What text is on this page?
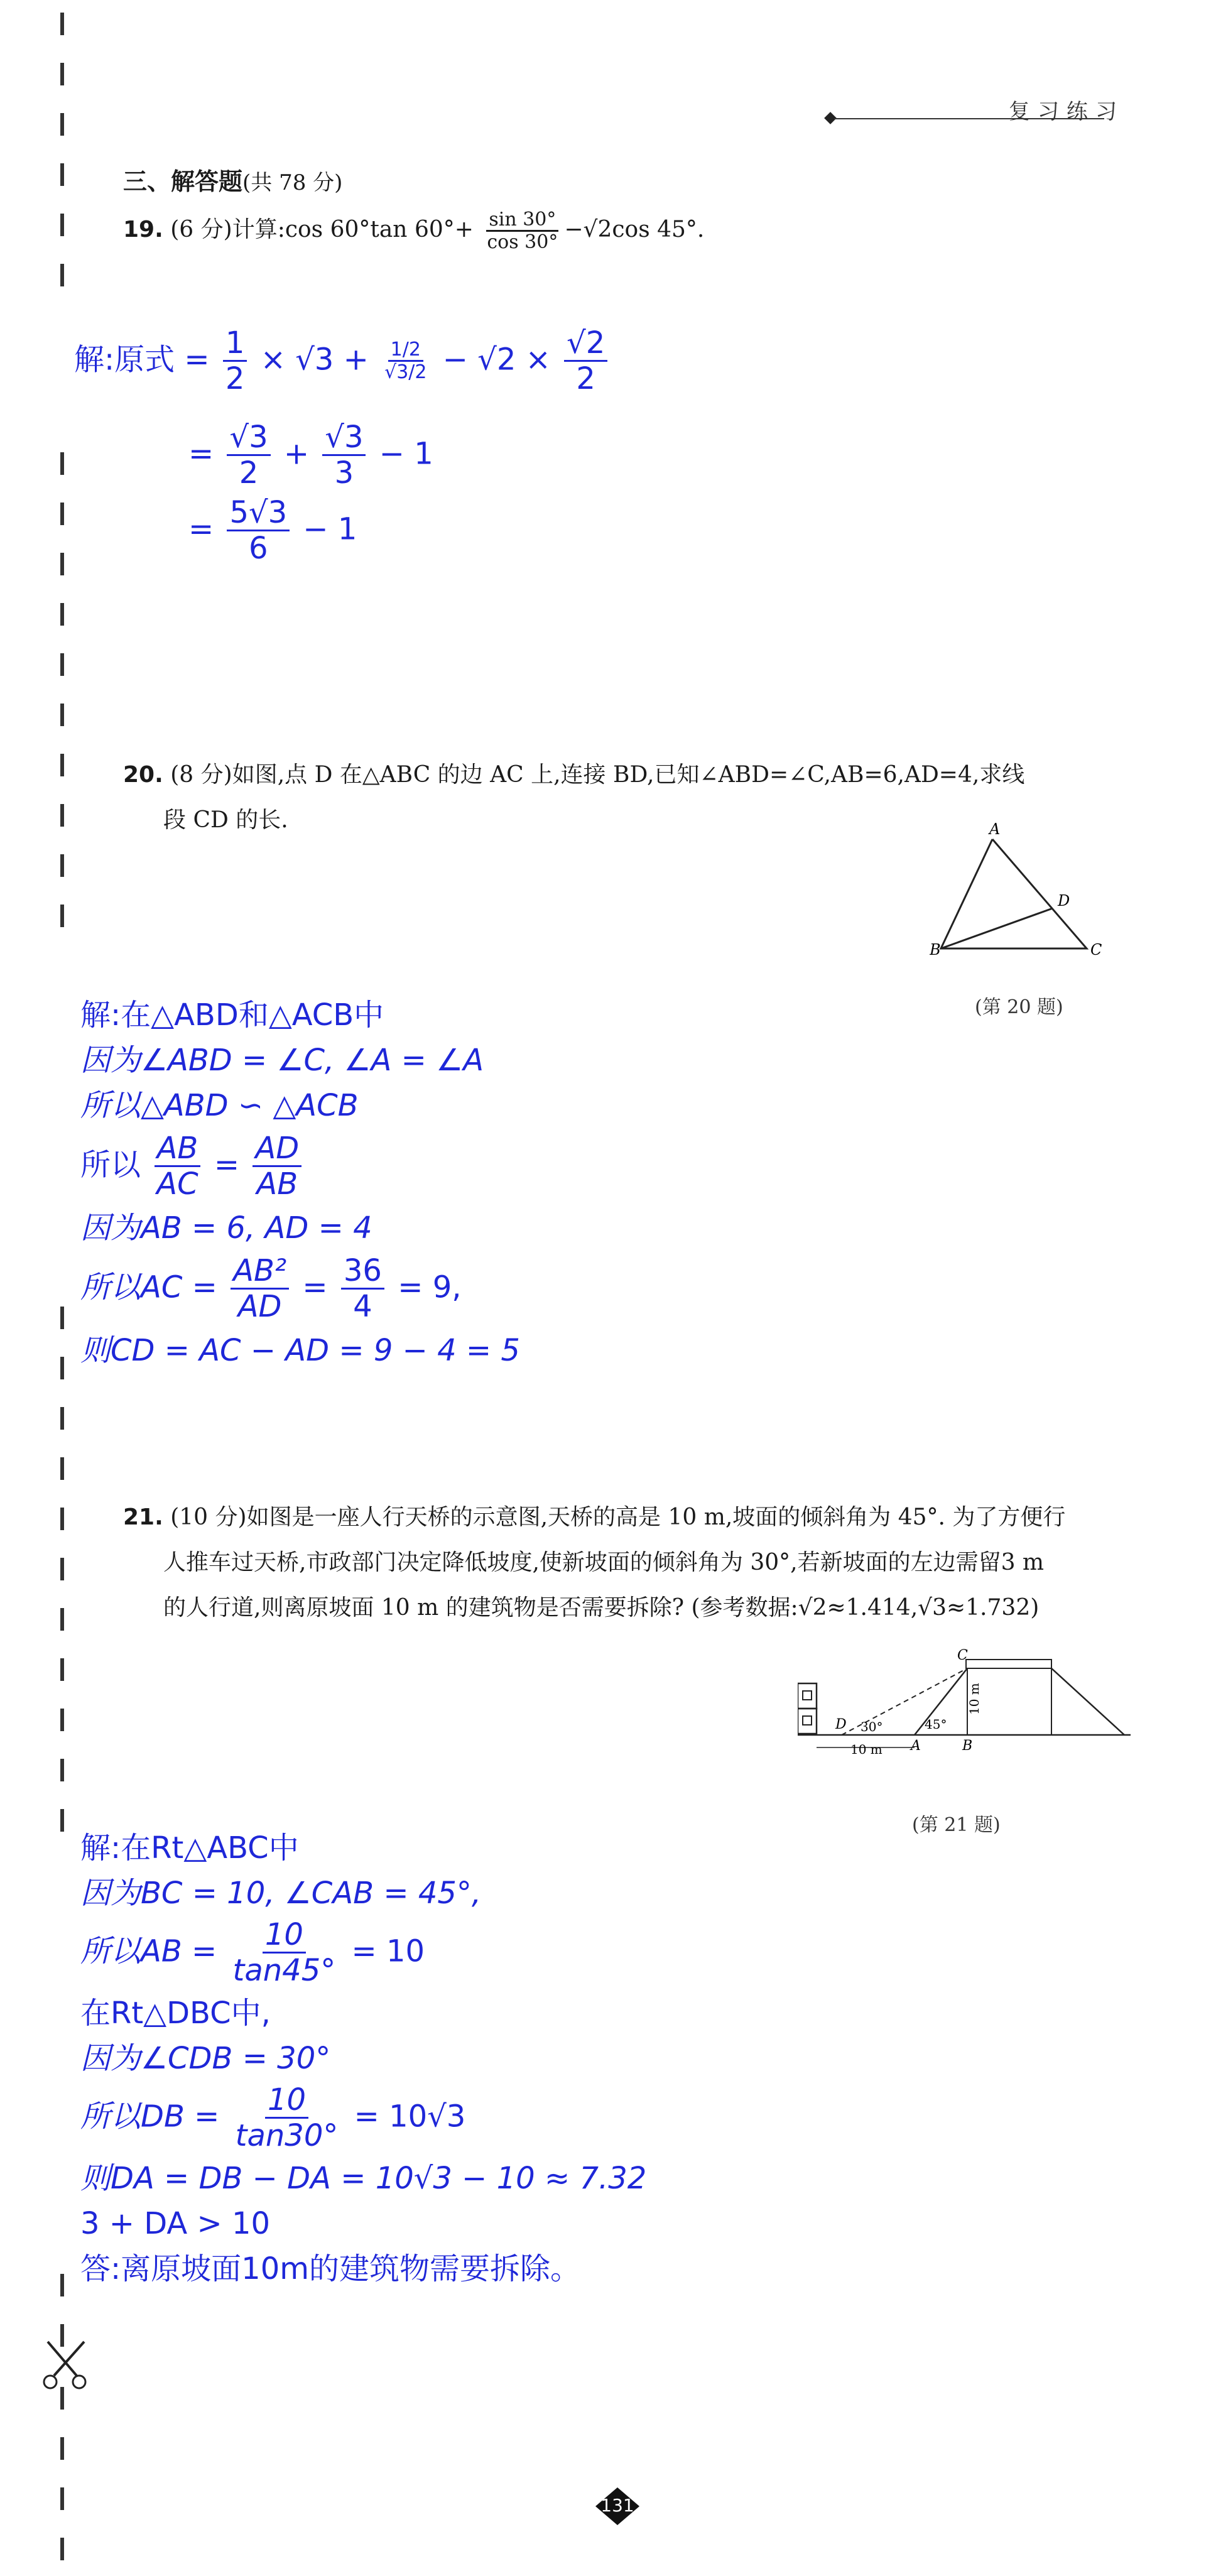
复习练习
三、解答题(共 78 分)
19. (6 分)计算:cos 60°tan $60^\circ+ \frac{\sin 30^\circ}{\cos 30^\circ} -√2\cos$ 45°.
解:原式 = $\frac{1}{2} \times √3 + \frac{1/2}{√3/2} - √2 \times \frac{√2}{2}$
= $\frac{√3}{2} + \frac{√3}{3} - 1$
= $\frac{5√3}{6} - 1$
20. (8 分)如图,点 D 在△ABC 的边 AC 上,连接 BD,已知∠ABD=∠C,AB=6,AD=4,求线
段 CD 的长.	A
B	C
D
(第 20 题)
解:在△ABD和△ACB中
因为∠ABD = ∠C, ∠A = ∠A
所以△ABD ∽ △ACB
所以 $\frac{AB}{AC} = \frac{AD}{AB}$
因为AB = 6, AD = 4
所以AC = $\frac{\text{AB²}}{AD} = \frac{36}{4} = 9$,
则CD = AC − AD = 9 − 4 = 5
21. (10 分)如图是一座人行天桥的示意图,天桥的高是 10 m,坡面的倾斜角为 45°. 为了方便行
人推车过天桥,市政部门决定降低坡度,使新坡面的倾斜角为 30°,若新坡面的左边需留3 m
的人行道,则离原坡面 10 m 的建筑物是否需要拆除? (参考数据:√2≈1.414,√3≈1.732)
C
D
A	B
30°	45°
10 m
10 m
(第 21 题)
解:在Rt△ABC中
因为BC = 10, ∠CAB = 45°,
所以AB = $\frac{10}{\tan 45^\circ} = 10$
在Rt△DBC中,
因为∠CDB = 30°
所以DB = $\frac{10}{\tan 30^\circ} = 10√3$
则DA = DB − DA = 10√3 − 10 ≈ 7.32
3 + DA > 10
答:离原坡面10m的建筑物需要拆除。
131
